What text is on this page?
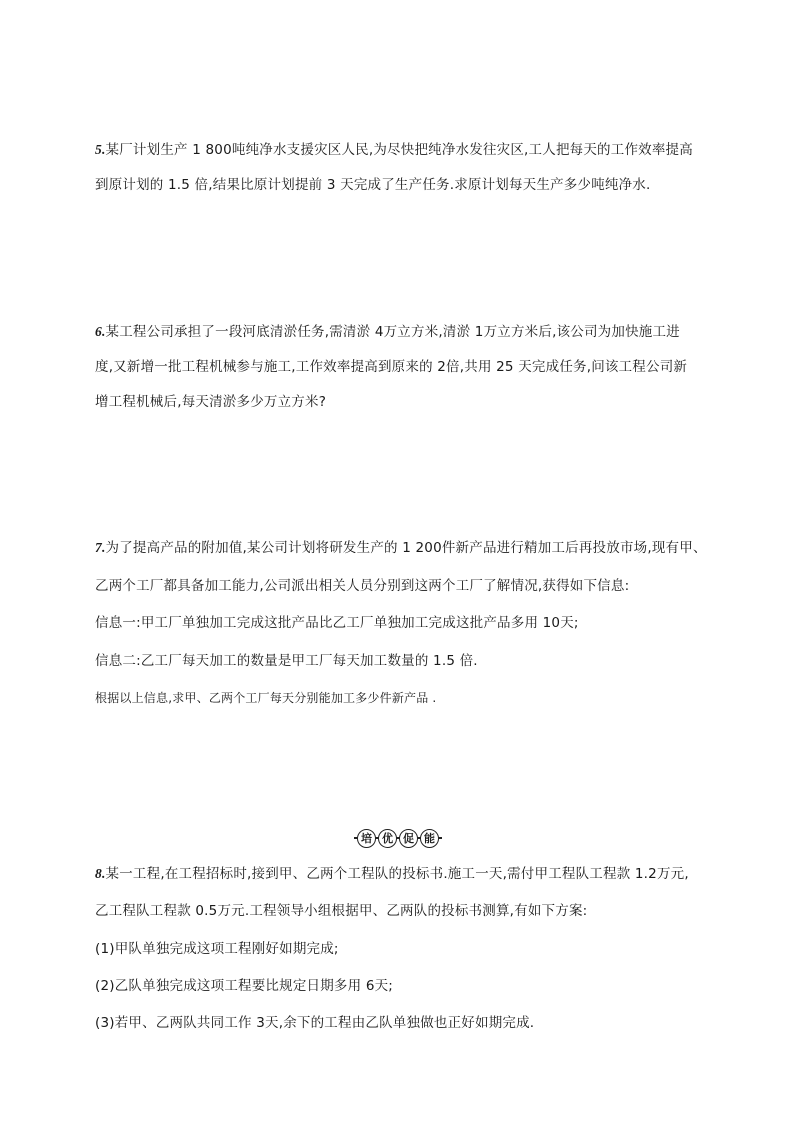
5.某厂计划生产 1 800吨纯净水支援灾区人民,为尽快把纯净水发往灾区,工人把每天的工作效率提高
到原计划的 1.5 倍,结果比原计划提前 3 天完成了生产任务.求原计划每天生产多少吨纯净水.
6.某工程公司承担了一段河底清淤任务,需清淤 4万立方米,清淤 1万立方米后,该公司为加快施工进
度,又新增一批工程机械参与施工,工作效率提高到原来的 2倍,共用 25 天完成任务,问该工程公司新
增工程机械后,每天清淤多少万立方米?
7.为了提高产品的附加值,某公司计划将研发生产的 1 200件新产品进行精加工后再投放市场,现有甲、
乙两个工厂都具备加工能力,公司派出相关人员分别到这两个工厂了解情况,获得如下信息:
信息一:甲工厂单独加工完成这批产品比乙工厂单独加工完成这批产品多用 10天;
信息二:乙工厂每天加工的数量是甲工厂每天加工数量的 1.5 倍.
根据以上信息,求甲、乙两个工厂每天分别能加工多少件新产品 .
培 优 促 能
8.某一工程,在工程招标时,接到甲、乙两个工程队的投标书.施工一天,需付甲工程队工程款 1.2万元,
乙工程队工程款 0.5万元.工程领导小组根据甲、乙两队的投标书测算,有如下方案:
(1)甲队单独完成这项工程刚好如期完成;
(2)乙队单独完成这项工程要比规定日期多用 6天;
(3)若甲、乙两队共同工作 3天,余下的工程由乙队单独做也正好如期完成.
